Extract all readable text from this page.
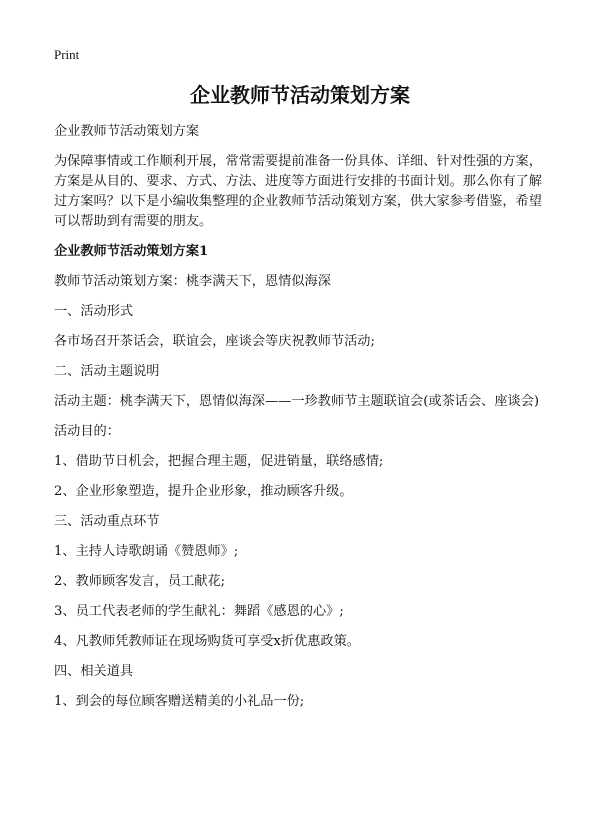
Print
企业教师节活动策划方案

企业教师节活动策划方案

为保障事情或工作顺利开展，常常需要提前准备一份具体、详细、针对性强的方案，方案是从目的、要求、方式、方法、进度等方面进行安排的书面计划。那么你有了解过方案吗？以下是小编收集整理的企业教师节活动策划方案，供大家参考借鉴，希望可以帮助到有需要的朋友。

企业教师节活动策划方案1

教师节活动策划方案：桃李满天下，恩情似海深

一、活动形式

各市场召开茶话会，联谊会，座谈会等庆祝教师节活动;

二、活动主题说明

活动主题：桃李满天下，恩情似海深——一珍教师节主题联谊会(或茶话会、座谈会)

活动目的：

1、借助节日机会，把握合理主题，促进销量，联络感情;

2、企业形象塑造，提升企业形象，推动顾客升级。

三、活动重点环节

1、主持人诗歌朗诵《赞恩师》;

2、教师顾客发言，员工献花;

3、员工代表老师的学生献礼：舞蹈《感恩的心》;

4、凡教师凭教师证在现场购货可享受x折优惠政策。

四、相关道具

1、到会的每位顾客赠送精美的小礼品一份;
